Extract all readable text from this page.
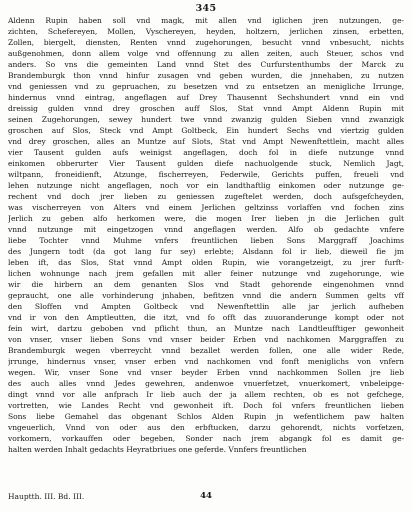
345
Aldenn Rupin haben soll vnd magk, mit allen vnd iglichen jren nutzungen, ge-
zichten, Schefereyen, Mollen, Vyschereyen, heyden, holtzern, jerlichen zinsen, erbetten,
Zollen, biergelt, diensten, Renten vnnd zugehorungen, besucht vnnd vnbesucht, nichts
außgenohmen, donn allem volge vnd offennung zu allen zeiten, auch Steuer, schos vnd
anders. So vns die gemeinten Land vnnd Stet des Curfurstenthumbs der Marck zu
Brandemburgk thon vnnd hinfur zusagen vnd geben wurden, die jnnehaben, zu nutzen
vnd geniessen vnd zu gepruachen, zu besetzen vnd zu entsetzen an menigliche Irrunge,
hindernus vnnd eintrag, angeflagen auf Drey Thausennt Sechshundert vnnd ein vnd
dreissig gulden vnnd drey groschen auff Slos, Stat vnnd Ampt Aldenn Rupin mit
seinen Zugehorungen, sewey hundert twe vnnd zwanzig gulden Sieben vnnd zwanzigk
groschen auf Slos, Steck vnd Ampt Goltbeck, Ein hundert Sechs vnd viertzig gulden
vnd drey groschen, alles an Muntze auf Slots, Stat vnd Ampt Newenftettlein, macht alles
vier Tausent gulden aufs weinigst angeflagen, doch fol in diefe nutzunge vnnd
einkomen obberurter Vier Tausent gulden diefe nachuolgende stuck, Nemlich Jagt,
wiltpann, froneidienft, Atzunge, fischerreyen, Federwile, Gerichts puffen, freueli vnd
lehen nutzunge nicht angeflagen, noch vor ein landthaftlig einkomen oder nutzunge ge-
rechent vnd doch jrer lieben zu geniessen zugeftelet werden, doch aufsgefcheyden,
was vischerreyen von Alters vnd einem Jerlichen geltzinss vorlaffen vnd fochen zins
Jerlich zu geben alfo herkomen were, die mogen Irer lieben jn die Jerlichen gult
vnnd nutzunge mit eingetzogen vnnd angeflagen werden. Alfo ob gedachte vnfere
liebe Tochter vnnd Muhme vnfers freuntlichen lieben Sons Marggraff Joachims
des Jungern todt (da got lang fur sey) erlebte; Alsdann fol ir lieb, dieweil fie jm
leben ift, das Slos, Stat vnnd Ampt olden Rupin, wie vorangetzeigt, zu jrer furft-
lichen wohnunge nach jrem gefallen mit aller feiner nutzunge vnd zugehorunge, wie
wir die hirbern an dem genanten Slos vnd Stadt gehorende eingenohmen vnnd
gepraucht, one alle vorhinderung jnhaben, befitzen vnnd die andern Summen gelts vff
den Sloffen vnd Ampten Goltbeck vnd Newenftettlin alle jar jerlich aufheben
vnd ir von den Amptleutten, die itzt, vnd fo offt das zuuoranderunge kompt oder not
fein wirt, dartzu geboben vnd pflicht thun, an Muntze nach Landtleufftiger gewonheit
von vnser, vnser lieben Sons vnd vnser beider Erben vnd nachkomen Marggraffen zu
Brandemburgk wegen vberreycht vnnd bezallet werden follen, one alle wider Rede,
jrrunge, hindernus vnser, vnser erben vnd nachkomen vnd fonft meniglichs von vnfern
wegen. Wir, vnser Sone vnd vnser beyder Erben vnnd nachkommen Sollen jre lieb
des auch alles vnnd Jedes gewehren, andenwoe vnuerfetzet, vnuerkomert, vnbeleipge-
dingt vnnd vor alle anfprach Ir lieb auch der ja allem rechten, ob es not gefchege,
vortretten, wie Landes Recht vnd gewonheit ift. Doch fol vnfers freuntlichen lieben
Sons liebe Gemahel das obgenant Schlos Alden Rupin jn wefentlichem paw halten
vngeuerlich, Vnnd von oder aus den erbftucken, darzu gehorendt, nichts vorfetzen,
vorkomern, vorkauffen oder begeben, Sonder nach jrem abgangk fol es damit ge-
halten werden Inhalt gedachts Heyratbriues one geferde. Vnnfers freuntlichen
Hauptth. III. Bd. III.	44
